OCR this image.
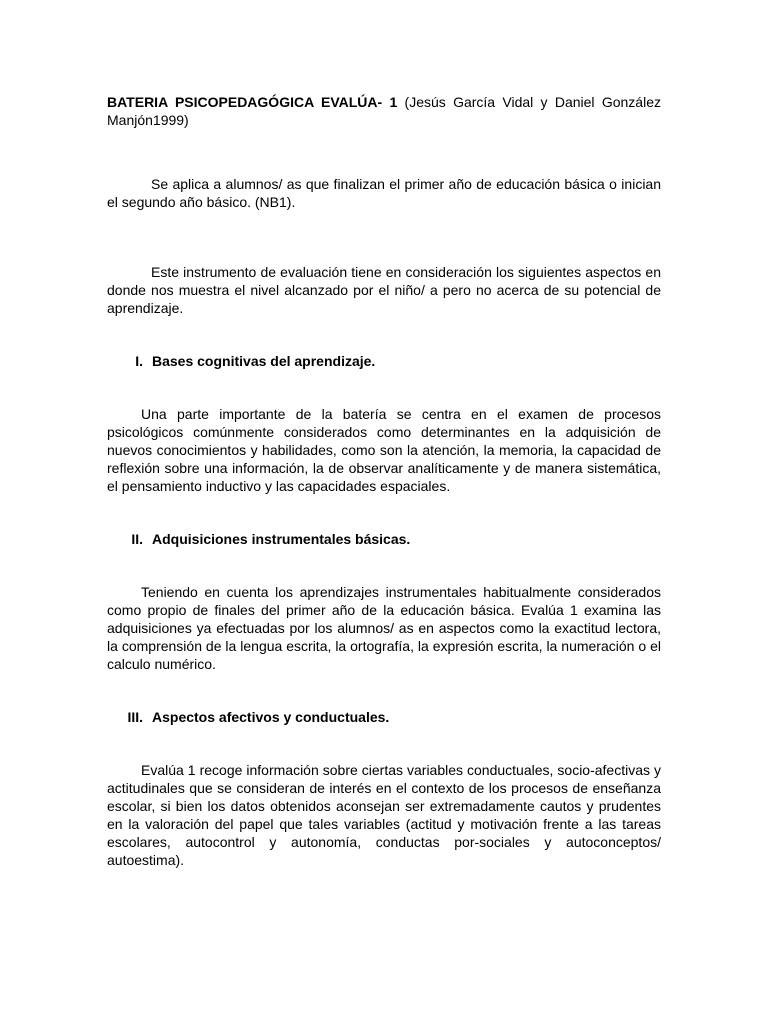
BATERIA PSICOPEDAGÓGICA EVALÚA- 1 (Jesús García Vidal y Daniel González Manjón1999)

Se aplica a alumnos/ as que finalizan el primer año de educación básica o inician el segundo año básico. (NB1).

Este instrumento de evaluación tiene en consideración los siguientes aspectos en donde nos muestra el nivel alcanzado por el niño/ a pero no acerca de su potencial de aprendizaje.

I. Bases cognitivas del aprendizaje.

Una parte importante de la batería se centra en el examen de procesos psicológicos comúnmente considerados como determinantes en la adquisición de nuevos conocimientos y habilidades, como son la atención, la memoria, la capacidad de reflexión sobre una información, la de observar analíticamente y de manera sistemática, el pensamiento inductivo y las capacidades espaciales.

II. Adquisiciones instrumentales básicas.

Teniendo en cuenta los aprendizajes instrumentales habitualmente considerados como propio de finales del primer año de la educación básica. Evalúa 1 examina las adquisiciones ya efectuadas por los alumnos/ as en aspectos como la exactitud lectora, la comprensión de la lengua escrita, la ortografía, la expresión escrita, la numeración o el calculo numérico.

III. Aspectos afectivos y conductuales.

Evalúa 1 recoge información sobre ciertas variables conductuales, socio-afectivas y actitudinales que se consideran de interés en el contexto de los procesos de enseñanza escolar, si bien los datos obtenidos aconsejan ser extremadamente cautos y prudentes en la valoración del papel que tales variables (actitud y motivación frente a las tareas escolares, autocontrol y autonomía, conductas por-sociales y autoconceptos/ autoestima).
